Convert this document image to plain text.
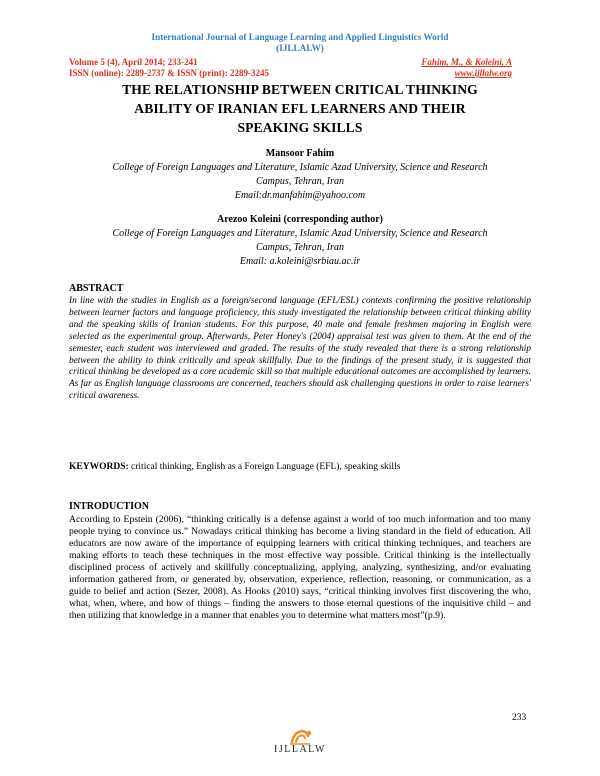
International Journal of Language Learning and Applied Linguistics World
(IJLLALW)
Volume 5 (4), April 2014; 233-241	Fahim, M., & Koleini, A
ISSN (online): 2289-2737 & ISSN (print): 2289-3245	www.ijllalw.org
THE RELATIONSHIP BETWEEN CRITICAL THINKING
ABILITY OF IRANIAN EFL LEARNERS AND THEIR
SPEAKING SKILLS
Mansoor Fahim
College of Foreign Languages and Literature, Islamic Azad University, Science and Research
Campus, Tehran, Iran
Email:dr.manfahim@yahoo.com
Arezoo Koleini (corresponding author)
College of Foreign Languages and Literature, Islamic Azad University, Science and Research
Campus, Tehran, Iran
Email: a.koleini@srbiau.ac.ir
ABSTRACT
In line with the studies in English as a foreign/second language (EFL/ESL) contexts confirming the positive relationship between learner factors and language proficiency, this study investigated the relationship between critical thinking ability and the speaking skills of Iranian students. For this purpose, 40 male and female freshmen majoring in English were selected as the experimental group. Afterwards, Peter Honey's (2004) appraisal test was given to them. At the end of the semester, each student was interviewed and graded. The results of the study revealed that there is a strong relationship between the ability to think critically and speak skillfully. Due to the findings of the present study, it is suggested that critical thinking be developed as a core academic skill so that multiple educational outcomes are accomplished by learners. As far as English language classrooms are concerned, teachers should ask challenging questions in order to raise learners' critical awareness.
KEYWORDS: critical thinking, English as a Foreign Language (EFL), speaking skills
INTRODUCTION
According to Epstein (2006), “thinking critically is a defense against a world of too much information and too many people trying to convince us.” Nowadays critical thinking has become a living standard in the field of education. All educators are now aware of the importance of equipping learners with critical thinking techniques, and teachers are making efforts to teach these techniques in the most effective way possible. Critical thinking is the intellectually disciplined process of actively and skillfully conceptualizing, applying, analyzing, synthesizing, and/or evaluating information gathered from, or generated by, observation, experience, reflection, reasoning, or communication, as a guide to belief and action (Sezer, 2008). As Hooks (2010) says, “critical thinking involves first discovering the who, what, when, where, and how of things – finding the answers to those eternal questions of the inquisitive child – and then utilizing that knowledge in a manner that enables you to determine what matters most”(p.9).
233
IJLLALW
